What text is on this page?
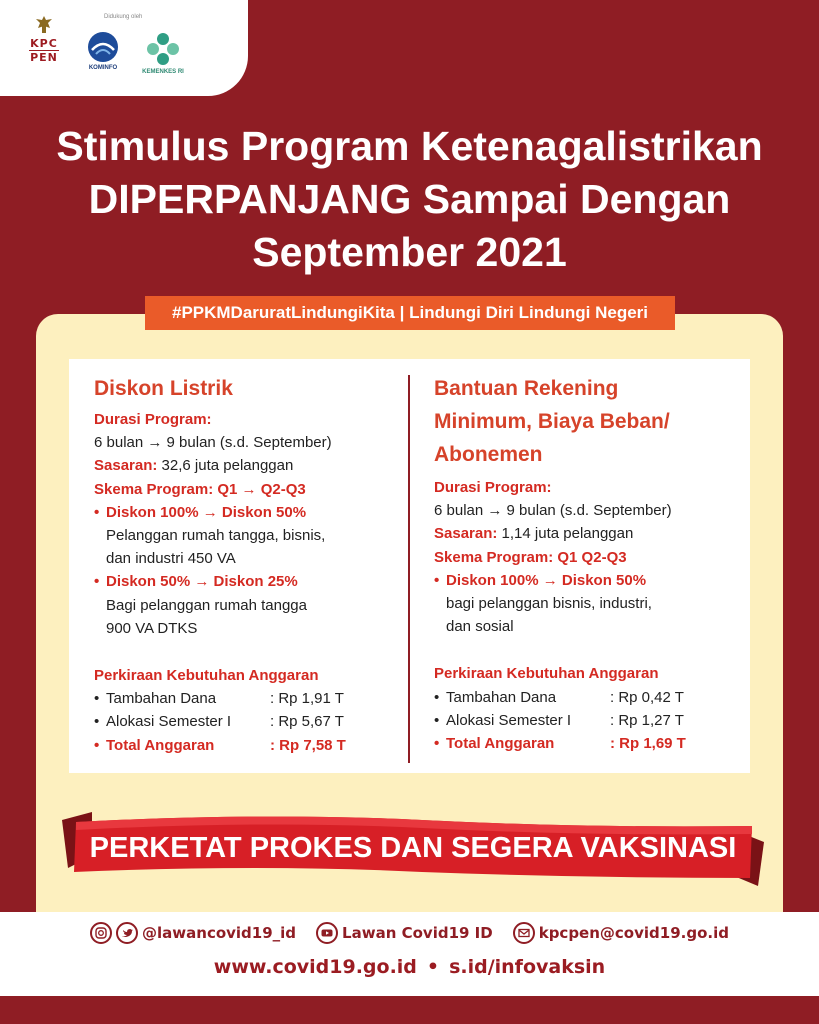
KPC
PEN
Didukung oleh
KOMINFO
KEMENKES RI
Stimulus Program Ketenagalistrikan
DIPERPANJANG Sampai Dengan
September 2021
#PPKMDaruratLindungiKita | Lindungi Diri Lindungi Negeri
Diskon Listrik
Durasi Program:
6 bulan → 9 bulan (s.d. September)
Sasaran: 32,6 juta pelanggan
Skema Program: Q1 → Q2-Q3
• Diskon 100% → Diskon 50%
Pelanggan rumah tangga, bisnis,
dan industri 450 VA
• Diskon 50% → Diskon 25%
Bagi pelanggan rumah tangga
900 VA DTKS
Perkiraan Kebutuhan Anggaran
• Tambahan Dana	: Rp 1,91 T
• Alokasi Semester I	: Rp 5,67 T
• Total Anggaran	: Rp 7,58 T
Bantuan Rekening
Minimum, Biaya Beban/
Abonemen
Durasi Program:
6 bulan → 9 bulan (s.d. September)
Sasaran: 1,14 juta pelanggan
Skema Program: Q1 Q2-Q3
• Diskon 100% → Diskon 50%
bagi pelanggan bisnis, industri,
dan sosial
Perkiraan Kebutuhan Anggaran
• Tambahan Dana	: Rp 0,42 T
• Alokasi Semester I	: Rp 1,27 T
• Total Anggaran	: Rp 1,69 T
PERKETAT PROKES DAN SEGERA VAKSINASI
@lawancovid19_id	Lawan Covid19 ID	kpcpen@covid19.go.id
www.covid19.go.id • s.id/infovaksin
